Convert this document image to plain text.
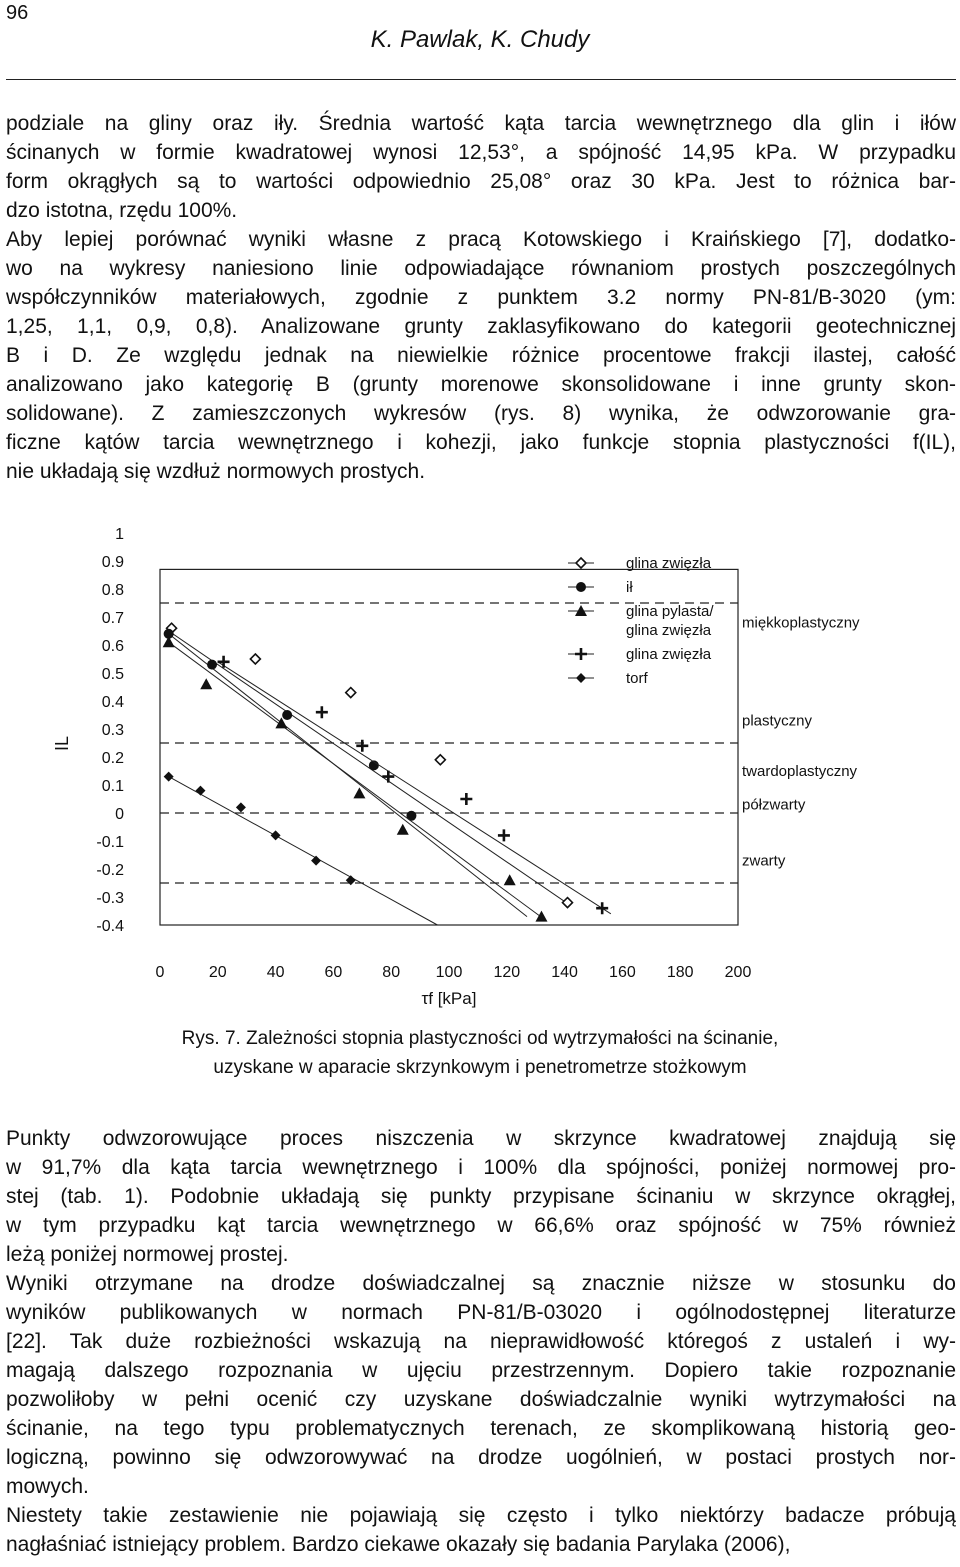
96
K. Pawlak, K. Chudy
podziale na gliny oraz iły. Średnia wartość kąta tarcia wewnętrznego dla glin i iłów
ścinanych w formie kwadratowej wynosi 12,53°, a spójność 14,95 kPa. W przypadku
form okrągłych są to wartości odpowiednio 25,08° oraz 30 kPa. Jest to różnica bar-
dzo istotna, rzędu 100%.
Aby lepiej porównać wyniki własne z pracą Kotowskiego i Kraińskiego [7], dodatko-
wo na wykresy naniesiono linie odpowiadające równaniom prostych poszczególnych
współczynników materiałowych, zgodnie z punktem 3.2 normy PN-81/B-3020 (ym:
1,25, 1,1, 0,9, 0,8). Analizowane grunty zaklasyfikowano do kategorii geotechnicznej
B i D. Ze względu jednak na niewielkie różnice procentowe frakcji ilastej, całość
analizowano jako kategorię B (grunty morenowe skonsolidowane i inne grunty skon-
solidowane). Z zamieszczonych wykresów (rys. 8) wynika, że odwzorowanie gra-
ficzne kątów tarcia wewnętrznego i kohezji, jako funkcje stopnia plastyczności f(IL),
nie układają się wzdłuż normowych prostych.
miękkoplastyczny
plastyczny
twardoplastyczny
półzwarty
zwarty
1
0.9
0.8
0.7
0.6
0.5
0.4
0.3
0.2
0.1
0
-0.1
-0.2
-0.3
-0.4
0	20	40	60	80 100 120 140 160 180 200
IL
τf [kPa]
glina zwięzła
ił
glina pylasta/
glina zwięzła
glina zwięzła
torf
Rys. 7. Zależności stopnia plastyczności od wytrzymałości na ścinanie,
uzyskane w aparacie skrzynkowym i penetrometrze stożkowym
Punkty odwzorowujące proces niszczenia w skrzynce kwadratowej znajdują się
w 91,7% dla kąta tarcia wewnętrznego i 100% dla spójności, poniżej normowej pro-
stej (tab. 1). Podobnie układają się punkty przypisane ścinaniu w skrzynce okrągłej,
w tym przypadku kąt tarcia wewnętrznego w 66,6% oraz spójność w 75% również
leżą poniżej normowej prostej.
Wyniki otrzymane na drodze doświadczalnej są znacznie niższe w stosunku do
wyników publikowanych w normach PN-81/B-03020 i ogólnodostępnej literaturze
[22]. Tak duże rozbieżności wskazują na nieprawidłowość któregoś z ustaleń i wy-
magają dalszego rozpoznania w ujęciu przestrzennym. Dopiero takie rozpoznanie
pozwoliłoby w pełni ocenić czy uzyskane doświadczalnie wyniki wytrzymałości na
ścinanie, na tego typu problematycznych terenach, ze skomplikowaną historią geo-
logiczną, powinno się odwzorowywać na drodze uogólnień, w postaci prostych nor-
mowych.
Niestety takie zestawienie nie pojawiają się często i tylko niektórzy badacze próbują
nagłaśniać istniejący problem. Bardzo ciekawe okazały się badania Parylaka (2006),
